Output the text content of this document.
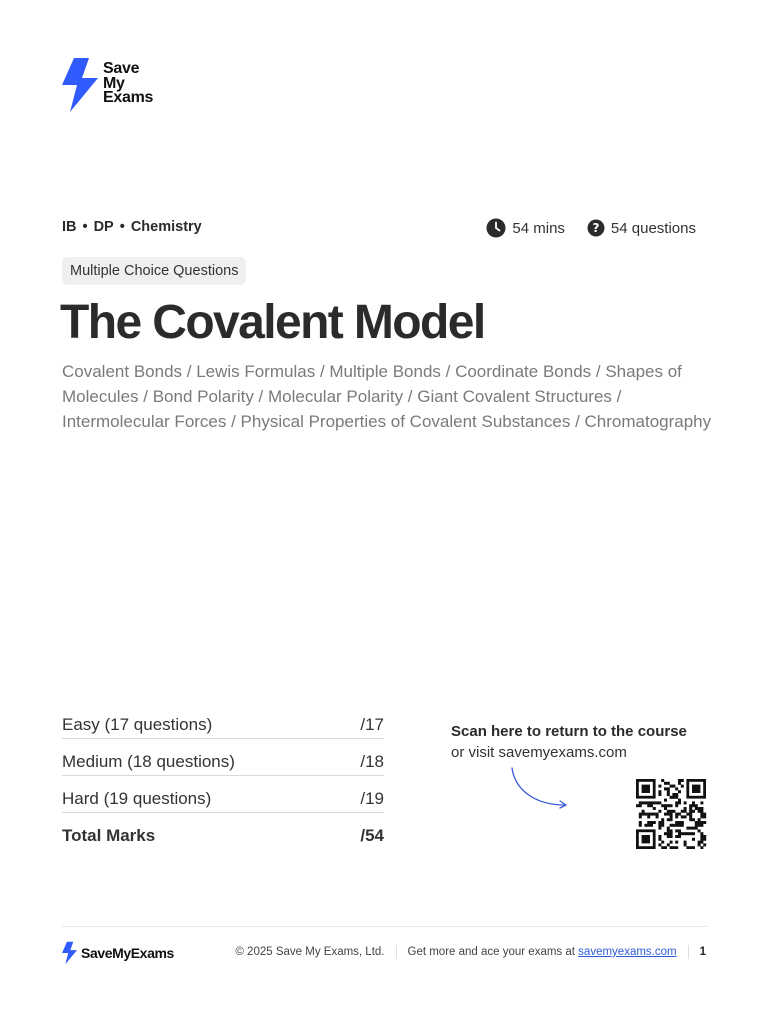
Save
My
Exams
IB • DP • Chemistry	54 mins ? 54 questions
Multiple Choice Questions
The Covalent Model
Covalent Bonds / Lewis Formulas / Multiple Bonds / Coordinate Bonds / Shapes of Molecules / Bond Polarity / Molecular Polarity / Giant Covalent Structures / Intermolecular Forces / Physical Properties of Covalent Substances / Chromatography
Easy (17 questions)	/17
Medium (18 questions)	/18
Hard (19 questions)	/19
Total Marks	/54
Scan here to return to the course
or visit savemyexams.com
SaveMyExams	© 2025 Save My Exams, Ltd. Get more and ace your exams at savemyexams.com 1
